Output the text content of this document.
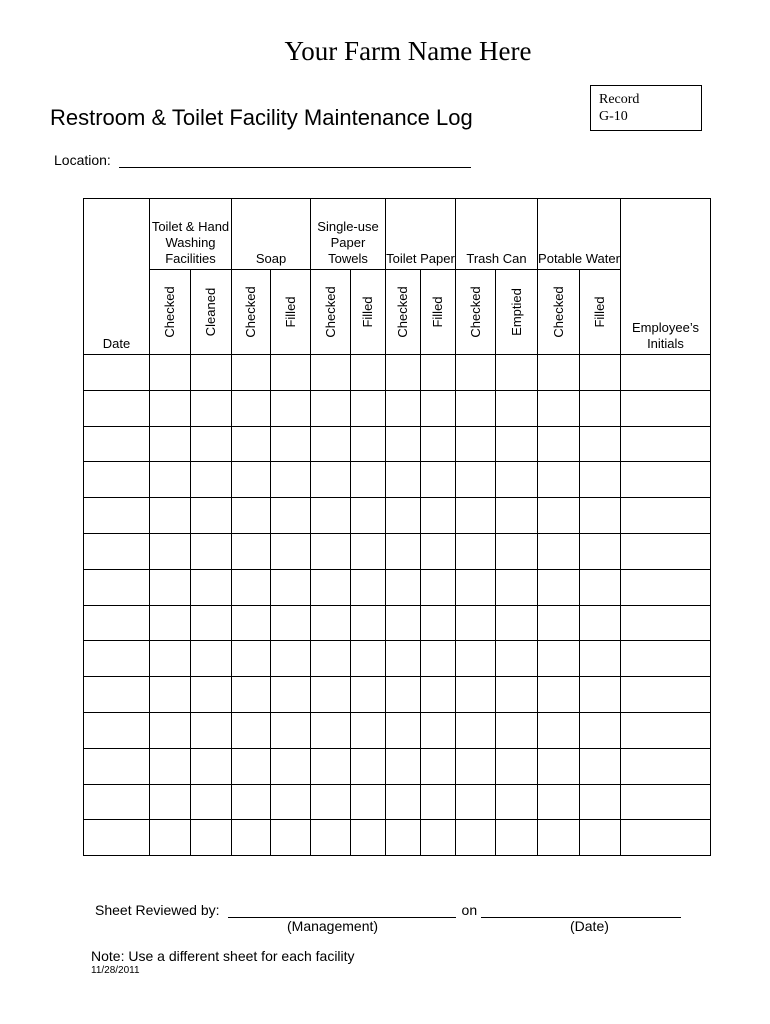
Your Farm Name Here
Restroom & Toilet Facility Maintenance Log
Record
G-10
Location:
Date	Toilet & Hand Washing Facilities		Soap		Single-use Paper Towels		Toilet Paper		Trash Can		Potable Water		Employee’s Initials

	Checked	Cleaned	Checked	Filled	Checked	Filled	Checked	Filled	Checked	Emptied	Checked	Filled	

Sheet Reviewed by:	on
(Management)	(Date)
Note: Use a different sheet for each facility
11/28/2011
